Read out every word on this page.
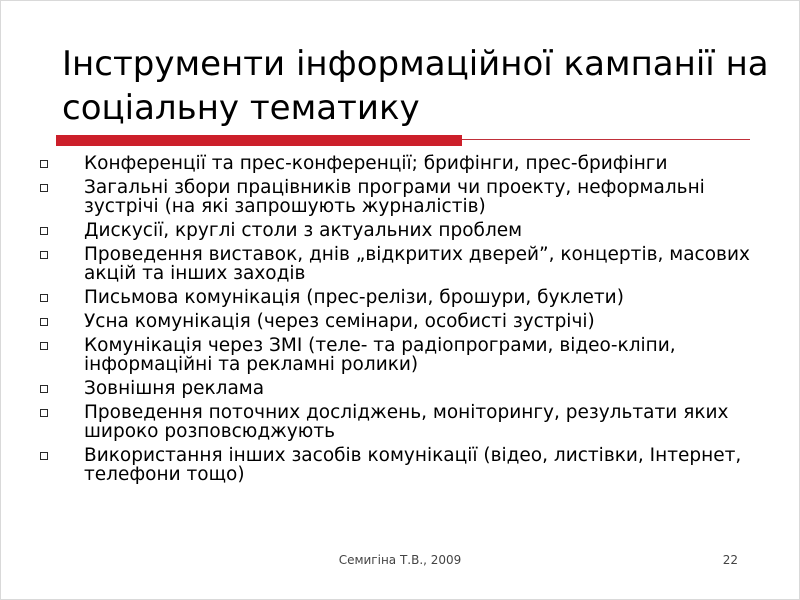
Інструменти інформаційної кампанії на соціальну тематику
Конференції та прес-конференції; брифінги, прес-брифінги
Загальні збори працівників програми чи проекту, неформальні зустрічі (на які запрошують журналістів)
Дискусії, круглі столи з актуальних проблем
Проведення виставок, днів „відкритих дверей”, концертів, масових акцій та інших заходів
Письмова комунікація (прес-релізи, брошури, буклети)
Усна комунікація (через семінари, особисті зустрічі)
Комунікація через ЗМІ (теле- та радіопрограми, відео-кліпи, інформаційні та рекламні ролики)
Зовнішня реклама
Проведення поточних досліджень, моніторингу, результати яких широко розповсюджують
Використання інших засобів комунікації (відео, листівки, Інтернет, телефони тощо)
Семигіна Т.В., 2009	22
